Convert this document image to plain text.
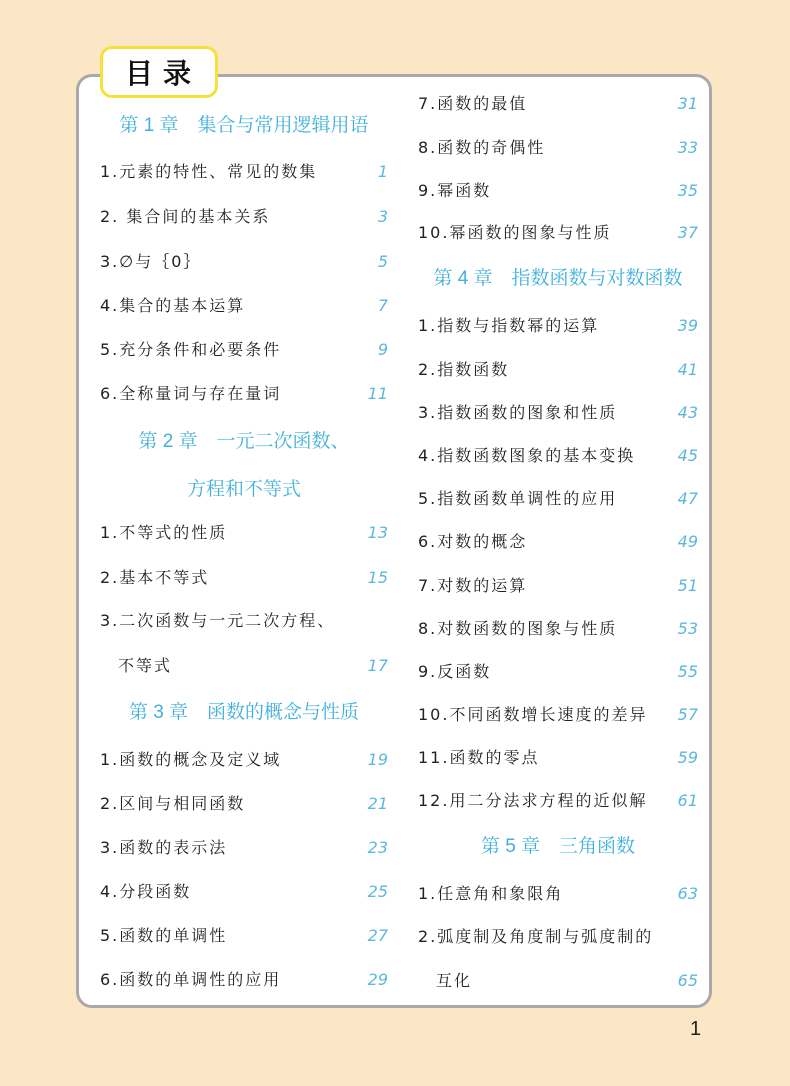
目录
第 1 章　集合与常用逻辑用语
1.元素的特性、常见的数集	1
2. 集合间的基本关系	3
3.∅与｛0｝	5
4.集合的基本运算	7
5.充分条件和必要条件	9
6.全称量词与存在量词	11
第 2 章　一元二次函数、
方程和不等式
1.不等式的性质	13
2.基本不等式	15
3.二次函数与一元二次方程、
不等式	17
第 3 章　函数的概念与性质
1.函数的概念及定义域	19
2.区间与相同函数	21
3.函数的表示法	23
4.分段函数	25
5.函数的单调性	27
6.函数的单调性的应用	29
7.函数的最值	31
8.函数的奇偶性	33
9.幂函数	35
10.幂函数的图象与性质	37
第 4 章　指数函数与对数函数
1.指数与指数幂的运算	39
2.指数函数	41
3.指数函数的图象和性质	43
4.指数函数图象的基本变换	45
5.指数函数单调性的应用	47
6.对数的概念	49
7.对数的运算	51
8.对数函数的图象与性质	53
9.反函数	55
10.不同函数增长速度的差异 57
11.函数的零点	59
12.用二分法求方程的近似解 61
第 5 章　三角函数
1.任意角和象限角	63
2.弧度制及角度制与弧度制的
互化	65
1
